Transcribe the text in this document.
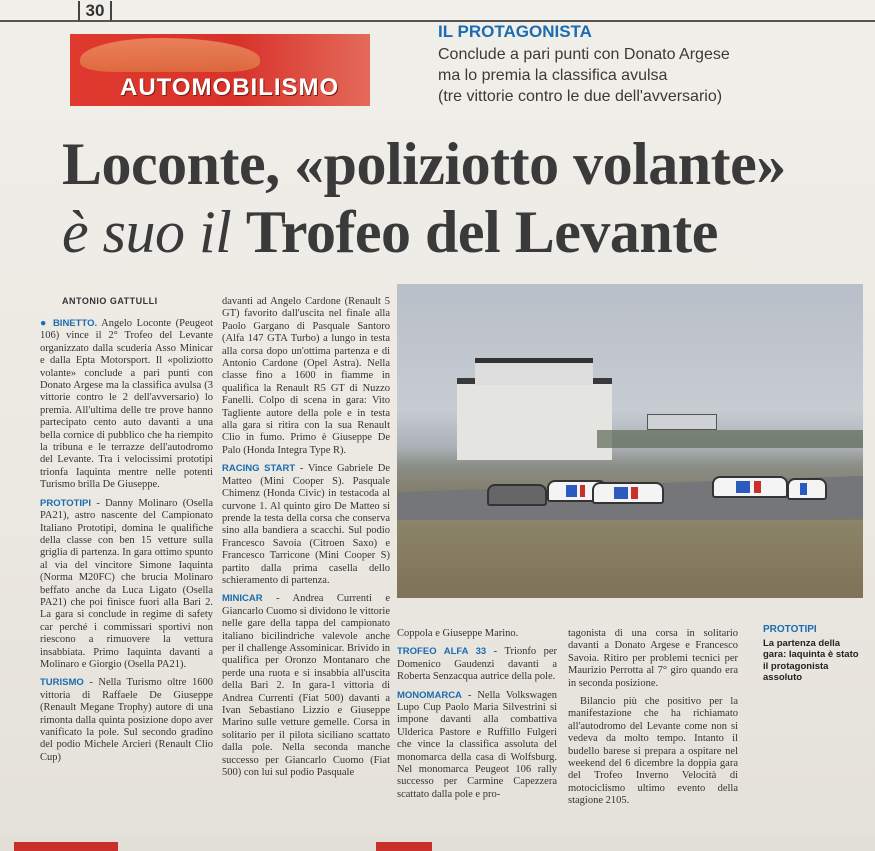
30
AUTOMOBILISMO
IL PROTAGONISTA
Conclude a pari punti con Donato Argese
ma lo premia la classifica avulsa
(tre vittorie contro le due dell'avversario)
Loconte, «poliziotto volante»
è suo il Trofeo del Levante
ANTONIO GATTULLI

● BINETTO. Angelo Loconte (Peugeot 106) vince il 2° Trofeo del Levante organizzato dalla scuderia Asso Minicar e dalla Epta Motorsport. Il «poliziotto volante» conclude a pari punti con Donato Argese ma la classifica avulsa (3 vittorie contro le 2 dell'avversario) lo premia. All'ultima delle tre prove hanno partecipato cento auto davanti a una bella cornice di pubblico che ha riempito la tribuna e le terrazze dell'autodromo del Levante. Tra i velocissimi prototipi trionfa Iaquinta mentre nelle potenti Turismo brilla De Giuseppe.

PROTOTIPI - Danny Molinaro (Osella PA21), astro nascente del Campionato Italiano Prototipi, domina le qualifiche della classe con ben 15 vetture sulla griglia di partenza. In gara ottimo spunto al via del vincitore Simone Iaquinta (Norma M20FC) che brucia Molinaro beffato anche da Luca Ligato (Osella PA21) che poi finisce fuori alla Bari 2. La gara si conclude in regime di safety car perché i commissari sportivi non riescono a rimuovere la vettura insabbiata. Primo Iaquinta davanti a Molinaro e Giorgio (Osella PA21).

TURISMO - Nella Turismo oltre 1600 vittoria di Raffaele De Giuseppe (Renault Megane Trophy) autore di una rimonta dalla quinta posizione dopo aver vanificato la pole. Sul secondo gradino del podio Michele Arcieri (Renault Clio Cup)

davanti ad Angelo Cardone (Renault 5 GT) favorito dall'uscita nel finale alla Paolo Gargano di Pasquale Santoro (Alfa 147 GTA Turbo) a lungo in testa alla corsa dopo un'ottima partenza e di Antonio Cardone (Opel Astra). Nella classe fino a 1600 in fiamme in qualifica la Renault R5 GT di Nuzzo Fanelli. Colpo di scena in gara: Vito Tagliente autore della pole e in testa alla gara si ritira con la sua Renault Clio in fumo. Primo è Giuseppe De Palo (Honda Integra Type R).

RACING START - Vince Gabriele De Matteo (Mini Cooper S). Pasquale Chimenz (Honda Civic) in testacoda al curvone 1. Al quinto giro De Matteo si prende la testa della corsa che conserva sino alla bandiera a scacchi. Sul podio Francesco Savoia (Citroen Saxo) e Francesco Tarricone (Mini Cooper S) partito dalla prima casella dello schieramento di partenza.

MINICAR - Andrea Currenti e Giancarlo Cuomo si dividono le vittorie nelle gare della tappa del campionato italiano bicilindriche valevole anche per il challenge Assominicar. Brivido in qualifica per Oronzo Montanaro che perde una ruota e si insabbia all'uscita della Bari 2. In gara-1 vittoria di Andrea Currenti (Fiat 500) davanti a Ivan Sebastiano Lizzio e Giuseppe Marino sulle vetture gemelle. Corsa in solitario per il pilota siciliano scattato dalla pole. Nella seconda manche successo per Giancarlo Cuomo (Fiat 500) con lui sul podio Pasquale

Coppola e Giuseppe Marino.

TROFEO ALFA 33 - Trionfo per Domenico Gaudenzi davanti a Roberta Senzacqua autrice della pole.

MONOMARCA - Nella Volkswagen Lupo Cup Paolo Maria Silvestrini si impone davanti alla combattiva Ulderica Pastore e Ruffillo Fulgeri che vince la classifica assoluta del monomarca della casa di Wolfsburg. Nel monomarca Peugeot 106 rally successo per Carmine Capezzera scattato dalla pole e pro-

tagonista di una corsa in solitario davanti a Donato Argese e Francesco Savoia. Ritiro per problemi tecnici per Maurizio Perrotta al 7° giro quando era in seconda posizione.

Bilancio più che positivo per la manifestazione che ha richiamato all'autodromo del Levante come non si vedeva da molto tempo. Intanto il budello barese si prepara a ospitare nel weekend del 6 dicembre la doppia gara del Trofeo Inverno Velocità di motociclismo ultimo evento della stagione 2105.

PROTOTIPI
La partenza della gara: Iaquinta è stato il protagonista assoluto
